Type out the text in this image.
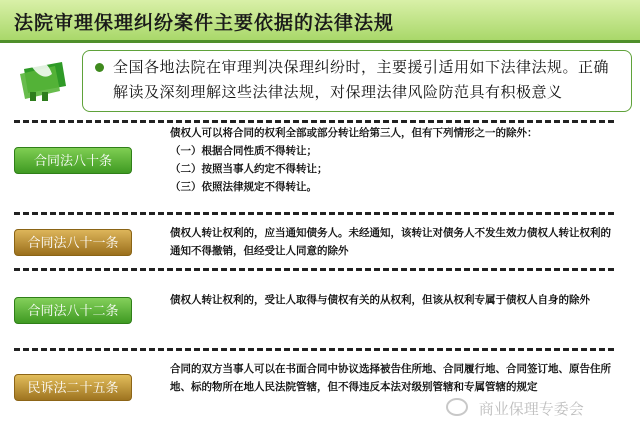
法院审理保理纠纷案件主要依据的法律法规
全国各地法院在审理判决保理纠纷时，主要援引适用如下法律法规。正确解读及深刻理解这些法律法规，对保理法律风险防范具有积极意义
合同法八十条
债权人可以将合同的权利全部或部分转让给第三人，但有下列情形之一的除外：
（一）根据合同性质不得转让；
（二）按照当事人约定不得转让；
（三）依照法律规定不得转让。
合同法八十一条
债权人转让权利的，应当通知债务人。未经通知，该转让对债务人不发生效力债权人转让权利的通知不得撤销，但经受让人同意的除外
合同法八十二条
债权人转让权利的，受让人取得与债权有关的从权利，但该从权利专属于债权人自身的除外
民诉法二十五条
合同的双方当事人可以在书面合同中协议选择被告住所地、合同履行地、合同签订地、原告住所地、标的物所在地人民法院管辖，但不得违反本法对级别管辖和专属管辖的规定
商业保理专委会
